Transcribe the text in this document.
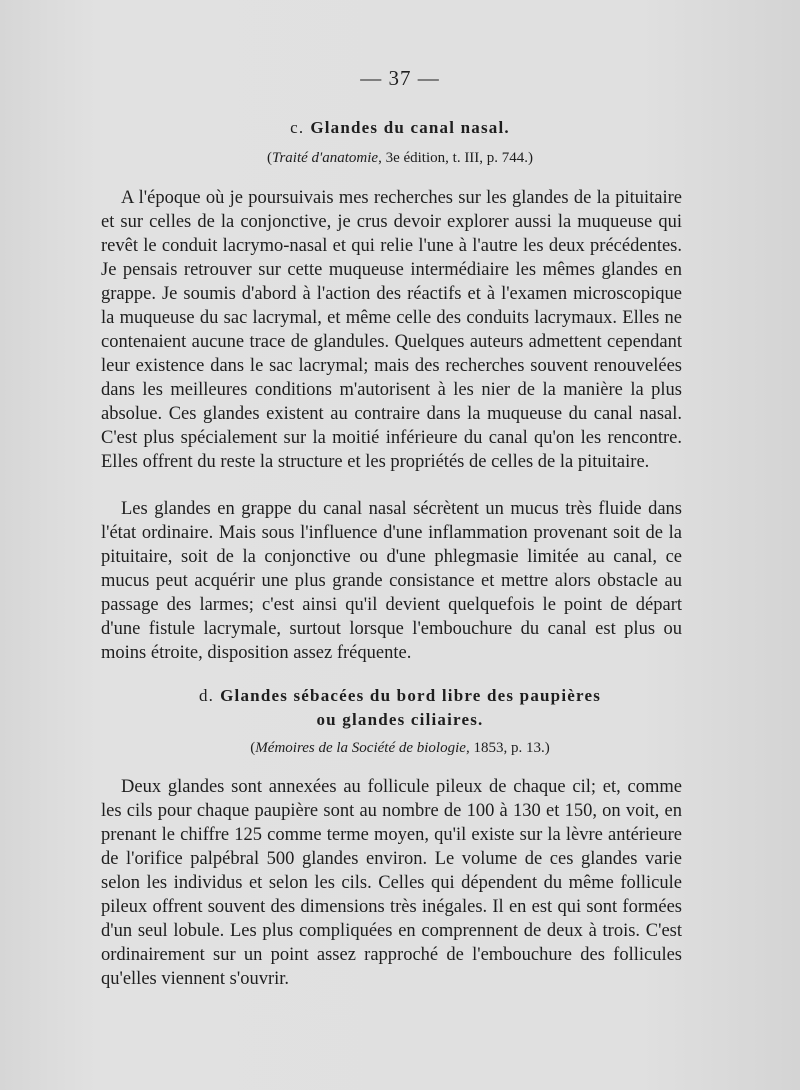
— 37 —
c. Glandes du canal nasal.
(Traité d'anatomie, 3e édition, t. III, p. 744.)

A l'époque où je poursuivais mes recherches sur les glandes de la pituitaire et sur celles de la conjonctive, je crus devoir explorer aussi la muqueuse qui revêt le conduit lacrymo-nasal et qui relie l'une à l'autre les deux précédentes. Je pensais retrouver sur cette muqueuse intermédiaire les mêmes glandes en grappe. Je soumis d'abord à l'action des réactifs et à l'examen microscopique la muqueuse du sac lacrymal, et même celle des conduits lacrymaux. Elles ne contenaient aucune trace de glandules. Quelques auteurs admettent cependant leur existence dans le sac lacrymal; mais des recherches souvent renouvelées dans les meilleures conditions m'autorisent à les nier de la manière la plus absolue. Ces glandes existent au contraire dans la muqueuse du canal nasal. C'est plus spécialement sur la moitié inférieure du canal qu'on les rencontre. Elles offrent du reste la structure et les propriétés de celles de la pituitaire.

Les glandes en grappe du canal nasal sécrètent un mucus très fluide dans l'état ordinaire. Mais sous l'influence d'une inflammation provenant soit de la pituitaire, soit de la conjonctive ou d'une phlegmasie limitée au canal, ce mucus peut acquérir une plus grande consistance et mettre alors obstacle au passage des larmes; c'est ainsi qu'il devient quelquefois le point de départ d'une fistule lacrymale, surtout lorsque l'embouchure du canal est plus ou moins étroite, disposition assez fréquente.

d. Glandes sébacées du bord libre des paupières
ou glandes ciliaires.
(Mémoires de la Société de biologie, 1853, p. 13.)

Deux glandes sont annexées au follicule pileux de chaque cil; et, comme les cils pour chaque paupière sont au nombre de 100 à 130 et 150, on voit, en prenant le chiffre 125 comme terme moyen, qu'il existe sur la lèvre antérieure de l'orifice palpébral 500 glandes environ. Le volume de ces glandes varie selon les individus et selon les cils. Celles qui dépendent du même follicule pileux offrent souvent des dimensions très inégales. Il en est qui sont formées d'un seul lobule. Les plus compliquées en comprennent de deux à trois. C'est ordinairement sur un point assez rapproché de l'embouchure des follicules qu'elles viennent s'ouvrir.
